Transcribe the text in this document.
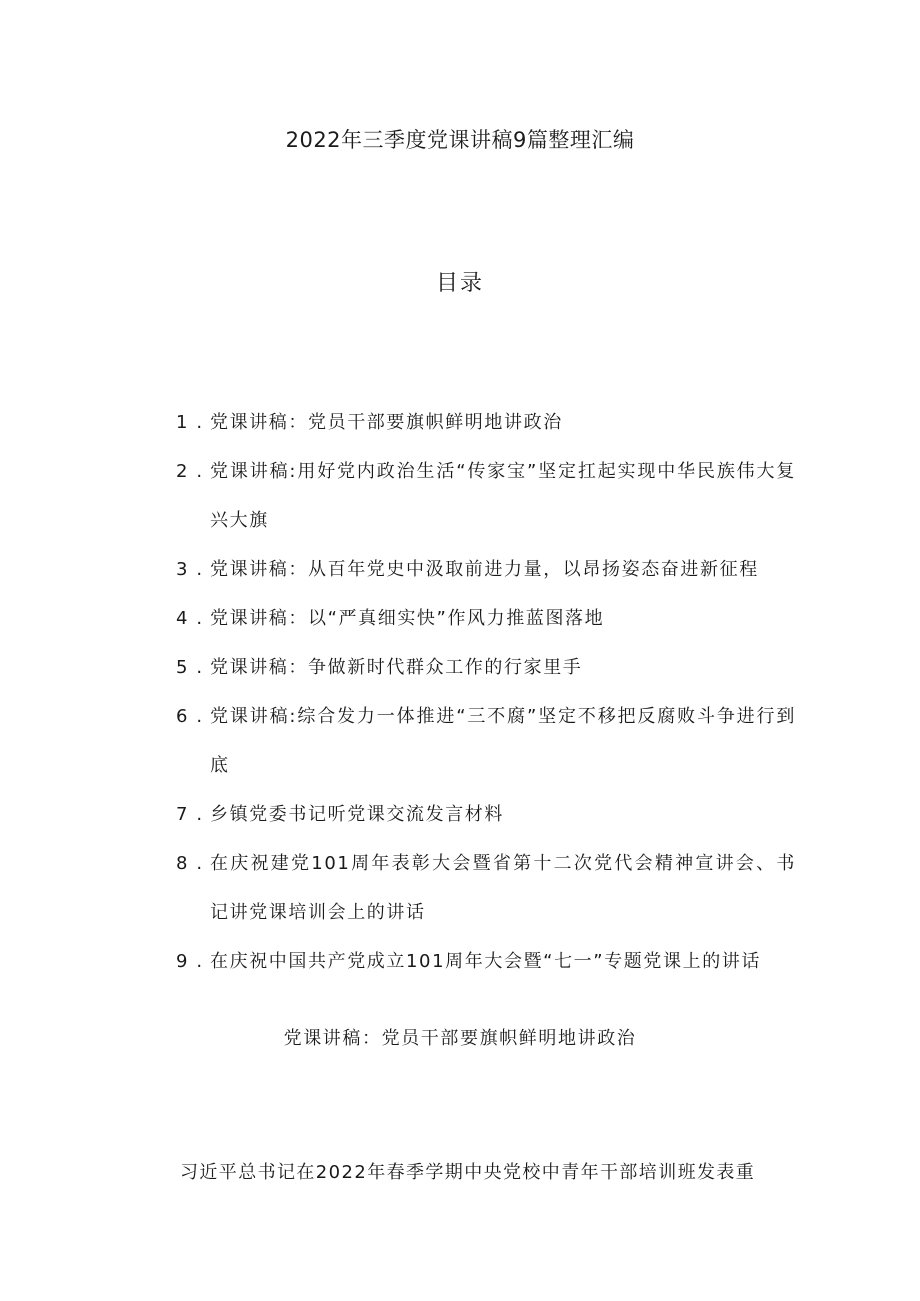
2022年三季度党课讲稿9篇整理汇编
目录
1 . 党课讲稿：党员干部要旗帜鲜明地讲政治
2 . 党课讲稿:用好党内政治生活“传家宝”坚定扛起实现中华民族伟大复兴大旗
3 . 党课讲稿：从百年党史中汲取前进力量，以昂扬姿态奋进新征程
4 . 党课讲稿：以“严真细实快”作风力推蓝图落地
5 . 党课讲稿：争做新时代群众工作的行家里手
6 . 党课讲稿:综合发力一体推进“三不腐”坚定不移把反腐败斗争进行到底
7 . 乡镇党委书记听党课交流发言材料
8 . 在庆祝建党101周年表彰大会暨省第十二次党代会精神宣讲会、书记讲党课培训会上的讲话
9 . 在庆祝中国共产党成立101周年大会暨“七一”专题党课上的讲话
党课讲稿：党员干部要旗帜鲜明地讲政治
习近平总书记在2022年春季学期中央党校中青年干部培训班发表重
